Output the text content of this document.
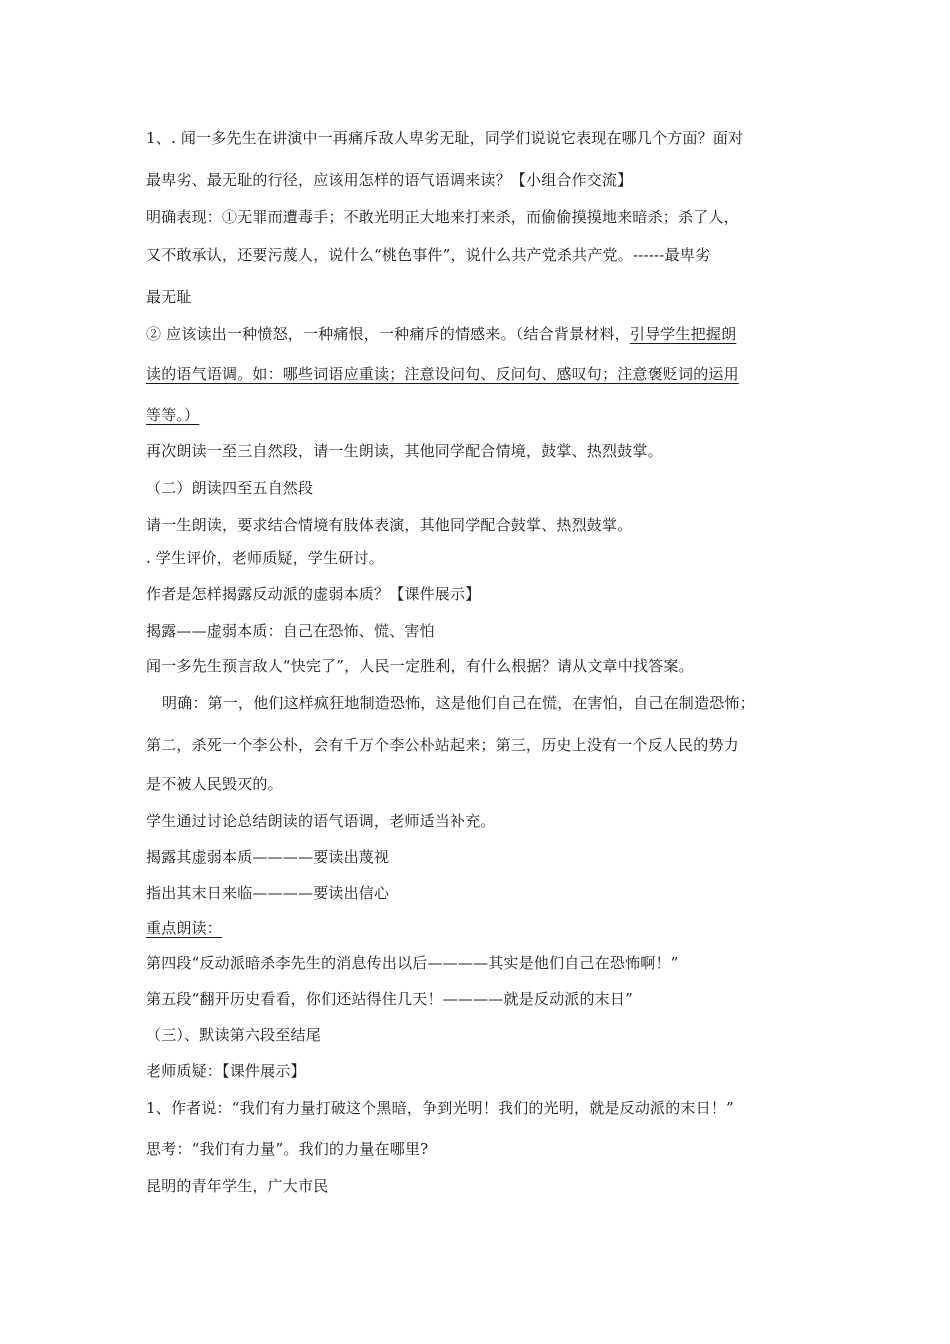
1、. 闻一多先生在讲演中一再痛斥敌人卑劣无耻，同学们说说它表现在哪几个方面？面对
最卑劣、最无耻的行径，应该用怎样的语气语调来读？【小组合作交流】
明确表现：①无罪而遭毒手；不敢光明正大地来打来杀，而偷偷摸摸地来暗杀；杀了人，
又不敢承认，还要污蔑人，说什么“桃色事件”，说什么共产党杀共产党。------最卑劣
最无耻
② 应该读出一种愤怒，一种痛恨，一种痛斥的情感来。（结合背景材料，引导学生把握朗
读的语气语调。如：哪些词语应重读；注意设问句、反问句、感叹句；注意褒贬词的运用
等等。）
再次朗读一至三自然段，请一生朗读，其他同学配合情境，鼓掌、热烈鼓掌。
（二）朗读四至五自然段
请一生朗读，要求结合情境有肢体表演，其他同学配合鼓掌、热烈鼓掌。
. 学生评价，老师质疑，学生研讨。
作者是怎样揭露反动派的虚弱本质？【课件展示】
揭露——虚弱本质：自己在恐怖、慌、害怕
闻一多先生预言敌人“快完了”，人民一定胜利，有什么根据？请从文章中找答案。
明确：第一，他们这样疯狂地制造恐怖，这是他们自己在慌，在害怕，自己在制造恐怖；
第二，杀死一个李公朴，会有千万个李公朴站起来；第三，历史上没有一个反人民的势力
是不被人民毁灭的。
学生通过讨论总结朗读的语气语调，老师适当补充。
揭露其虚弱本质————要读出蔑视
指出其末日来临————要读出信心
重点朗读：
第四段“反动派暗杀李先生的消息传出以后————其实是他们自己在恐怖啊！”
第五段“翻开历史看看，你们还站得住几天！————就是反动派的末日”
（三）、默读第六段至结尾
老师质疑：【课件展示】
1、作者说：“我们有力量打破这个黑暗，争到光明！我们的光明，就是反动派的末日！”
思考：“我们有力量”。我们的力量在哪里?
昆明的青年学生，广大市民
